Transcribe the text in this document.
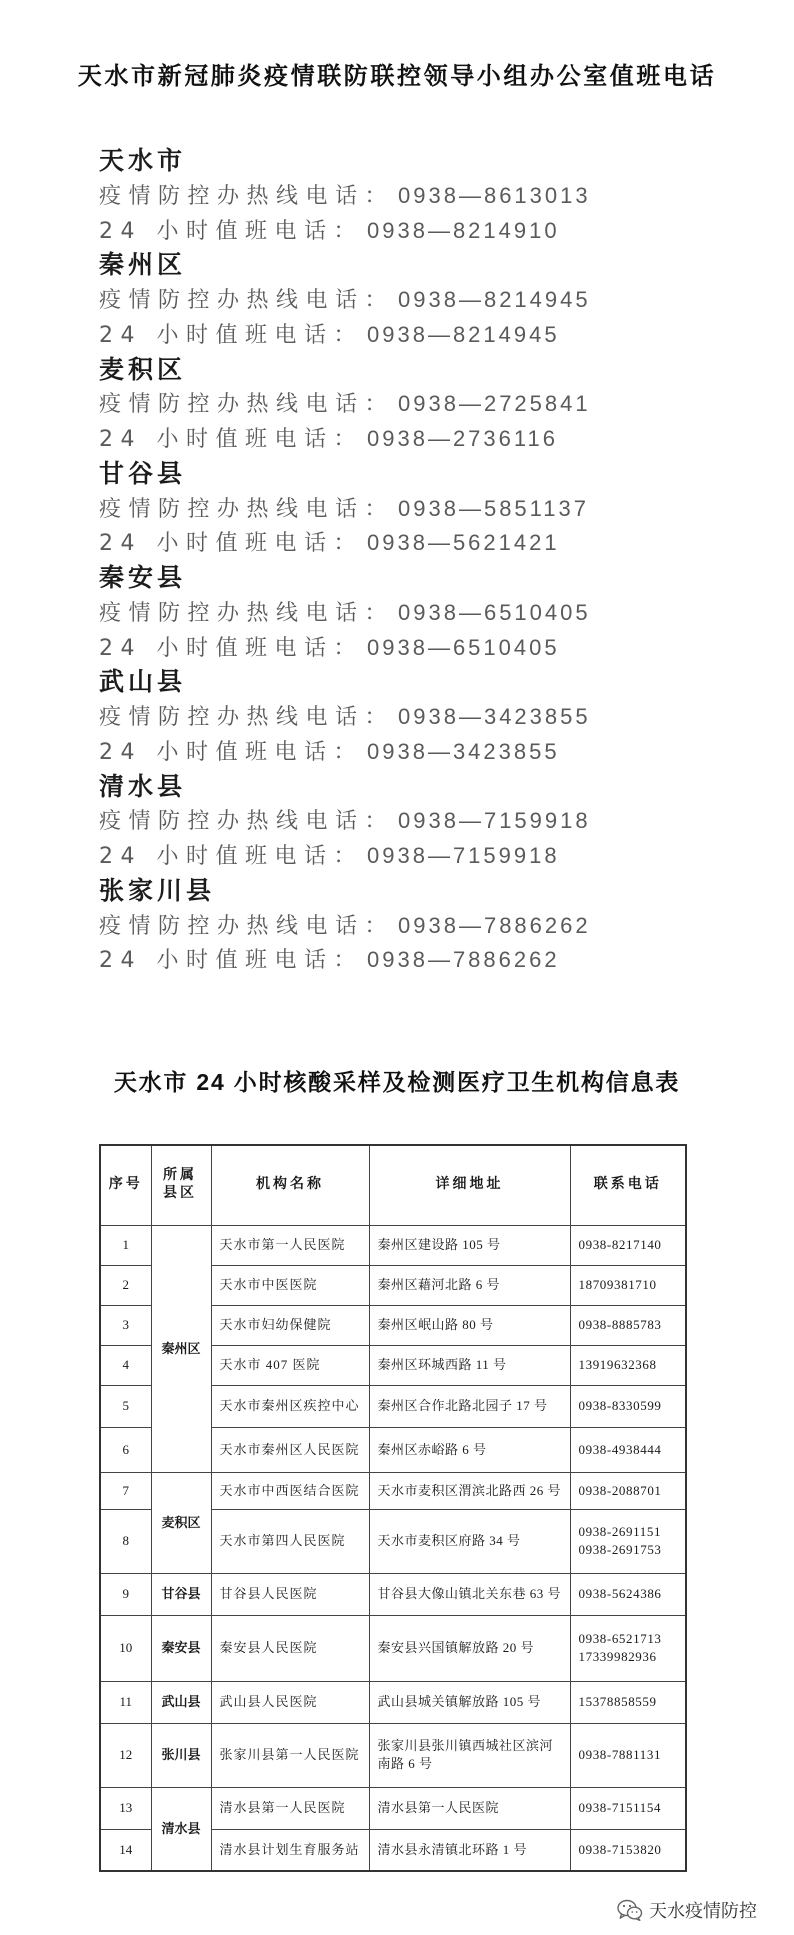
天水市新冠肺炎疫情联防联控领导小组办公室值班电话
天水市
疫情防控办热线电话： 0938—8613013
24 小时值班电话： 0938—8214910
秦州区
疫情防控办热线电话： 0938—8214945
24 小时值班电话： 0938—8214945
麦积区
疫情防控办热线电话： 0938—2725841
24 小时值班电话： 0938—2736116
甘谷县
疫情防控办热线电话： 0938—5851137
24 小时值班电话： 0938—5621421
秦安县
疫情防控办热线电话： 0938—6510405
24 小时值班电话： 0938—6510405
武山县
疫情防控办热线电话： 0938—3423855
24 小时值班电话： 0938—3423855
清水县
疫情防控办热线电话： 0938—7159918
24 小时值班电话： 0938—7159918
张家川县
疫情防控办热线电话： 0938—7886262
24 小时值班电话： 0938—7886262
天水市 24 小时核酸采样及检测医疗卫生机构信息表
序号	所属县区	机构名称	详细地址	联系电话
1	秦州区	天水市第一人民医院	秦州区建设路 105 号	0938-8217140

2		天水市中医医院	秦州区藉河北路 6 号	18709381710

3		天水市妇幼保健院	秦州区岷山路 80 号	0938-8885783

4		天水市 407 医院	秦州区环城西路 11 号	13919632368

5		天水市秦州区疾控中心	秦州区合作北路北园子 17 号	0938-8330599

6		天水市秦州区人民医院	秦州区赤峪路 6 号	0938-4938444

7	麦积区	天水市中西医结合医院	天水市麦积区渭滨北路西 26 号	0938-2088701

8		天水市第四人民医院	天水市麦积区府路 34 号	0938-2691151
0938-2691753

9	甘谷县	甘谷县人民医院	甘谷县大像山镇北关东巷 63 号	0938-5624386

10	秦安县	秦安县人民医院	秦安县兴国镇解放路 20 号	0938-6521713
17339982936

11	武山县	武山县人民医院	武山县城关镇解放路 105 号	15378858559

12	张川县	张家川县第一人民医院	张家川县张川镇西城社区滨河南路 6 号	0938-7881131

13	清水县	清水县第一人民医院	清水县第一人民医院	0938-7151154

14		清水县计划生育服务站	清水县永清镇北环路 1 号	0938-7153820
天水疫情防控
